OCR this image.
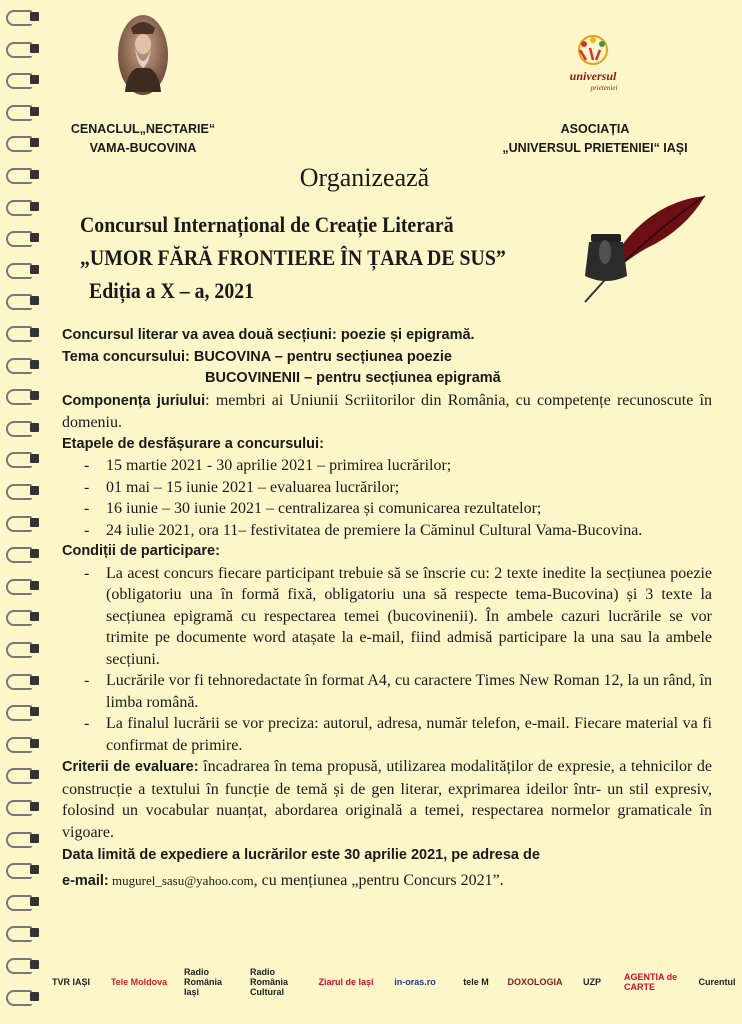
CENACLUL„NECTARIE“
VAMA-BUCOVINA
universul
prieteniei
ASOCIAȚIA
„UNIVERSUL PRIETENIEI“ IAȘI
Organizează
Concursul Internațional de Creație Literară
„UMOR FĂRĂ FRONTIERE ÎN ȚARA DE SUS”
Ediția a X – a, 2021

Concursul literar va avea două secțiuni: poezie și epigramă.

Tema concursului: BUCOVINA – pentru secțiunea poezie

BUCOVINENII – pentru secțiunea epigramă

Componența juriului: membri ai Uniunii Scriitorilor din România, cu competențe recunoscute în domeniu.

Etapele de desfășurare a concursului:

- 15 martie 2021 - 30 aprilie 2021 – primirea lucrărilor;
- 01 mai – 15 iunie 2021 – evaluarea lucrărilor;
- 16 iunie – 30 iunie 2021 – centralizarea și comunicarea rezultatelor;
- 24 iulie 2021, ora 11– festivitatea de premiere la Căminul Cultural Vama-Bucovina.

Condiții de participare:

- La acest concurs fiecare participant trebuie să se înscrie cu: 2 texte inedite la secțiunea poezie (obligatoriu una în formă fixă, obligatoriu una să respecte tema-Bucovina) și 3 texte la secțiunea epigramă cu respectarea temei (bucovinenii). În ambele cazuri lucrările se vor trimite pe documente word atașate la e-mail, fiind admisă participare la una sau la ambele secțiuni.
- Lucrările vor fi tehnoredactate în format A4, cu caractere Times New Roman 12, la un rând, în limba română.
- La finalul lucrării se vor preciza: autorul, adresa, număr telefon, e-mail. Fiecare material va fi confirmat de primire.

Criterii de evaluare: încadrarea în tema propusă, utilizarea modalităților de expresie, a tehnicilor de construcție a textului în funcție de temă și de gen literar, exprimarea ideilor într- un stil expresiv, folosind un vocabular nuanțat, abordarea originală a temei, respectarea normelor gramaticale în vigoare.

Data limită de expediere a lucrărilor este 30 aprilie 2021, pe adresa de

e-mail: mugurel_sasu@yahoo.com, cu mențiunea „pentru Concurs 2021”.

TVR IAȘI	Tele Moldova
Radio România Iași
Radio România Cultural
Ziarul de Iași	in-oras.ro	tele M	DOXOLOGIA	UZP	AGENTIA de CARTE	Curentul
